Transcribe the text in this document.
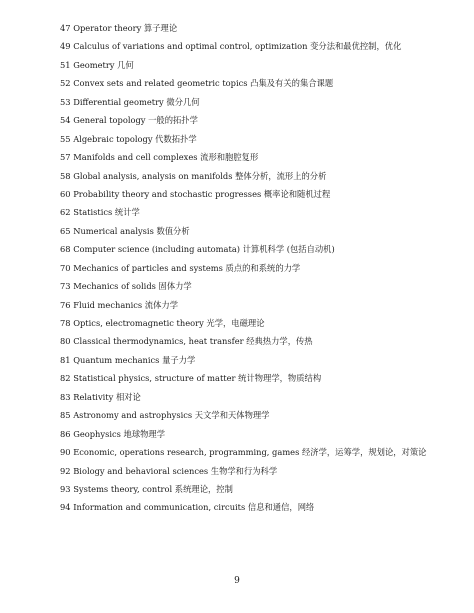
47 Operator theory 算子理论
49 Calculus of variations and optimal control, optimization 变分法和最优控制，优化
51 Geometry 几何
52 Convex sets and related geometric topics 凸集及有关的集合课题
53 Differential geometry 微分几何
54 General topology 一般的拓扑学
55 Algebraic topology 代数拓扑学
57 Manifolds and cell complexes 流形和胞腔复形
58 Global analysis, analysis on manifolds 整体分析，流形上的分析
60 Probability theory and stochastic progresses 概率论和随机过程
62 Statistics 统计学
65 Numerical analysis 数值分析
68 Computer science (including automata) 计算机科学 (包括自动机)
70 Mechanics of particles and systems 质点的和系统的力学
73 Mechanics of solids 固体力学
76 Fluid mechanics 流体力学
78 Optics, electromagnetic theory 光学，电磁理论
80 Classical thermodynamics, heat transfer 经典热力学，传热
81 Quantum mechanics 量子力学
82 Statistical physics, structure of matter 统计物理学，物质结构
83 Relativity 相对论
85 Astronomy and astrophysics 天文学和天体物理学
86 Geophysics 地球物理学
90 Economic, operations research, programming, games 经济学，运筹学，规划论，对策论
92 Biology and behavioral sciences 生物学和行为科学
93 Systems theory, control 系统理论，控制
94 Information and communication, circuits 信息和通信，网络
9
